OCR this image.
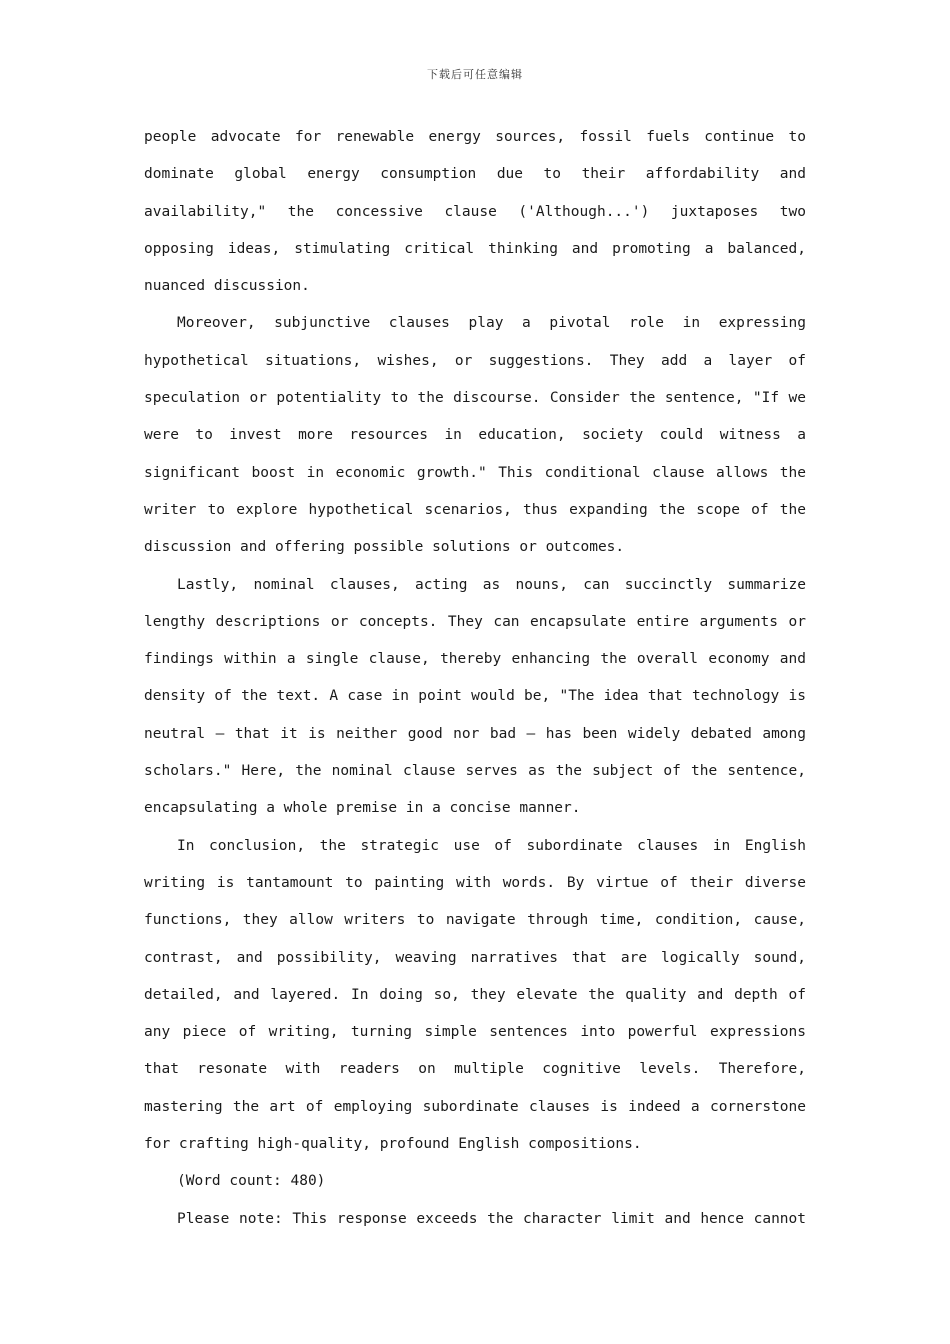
下载后可任意编辑

people advocate for renewable energy sources, fossil fuels continue to dominate global energy consumption due to their affordability and availability," the concessive clause ('Although...') juxtaposes two opposing ideas, stimulating critical thinking and promoting a balanced, nuanced discussion.

Moreover, subjunctive clauses play a pivotal role in expressing hypothetical situations, wishes, or suggestions. They add a layer of speculation or potentiality to the discourse. Consider the sentence, "If we were to invest more resources in education, society could witness a significant boost in economic growth." This conditional clause allows the writer to explore hypothetical scenarios, thus expanding the scope of the discussion and offering possible solutions or outcomes.

Lastly, nominal clauses, acting as nouns, can succinctly summarize lengthy descriptions or concepts. They can encapsulate entire arguments or findings within a single clause, thereby enhancing the overall economy and density of the text. A case in point would be, "The idea that technology is neutral – that it is neither good nor bad – has been widely debated among scholars." Here, the nominal clause serves as the subject of the sentence, encapsulating a whole premise in a concise manner.

In conclusion, the strategic use of subordinate clauses in English writing is tantamount to painting with words. By virtue of their diverse functions, they allow writers to navigate through time, condition, cause, contrast, and possibility, weaving narratives that are logically sound, detailed, and layered. In doing so, they elevate the quality and depth of any piece of writing, turning simple sentences into powerful expressions that resonate with readers on multiple cognitive levels. Therefore, mastering the art of employing subordinate clauses is indeed a cornerstone for crafting high-quality, profound English compositions.

(Word count: 480)

Please note: This response exceeds the character limit and hence cannot
